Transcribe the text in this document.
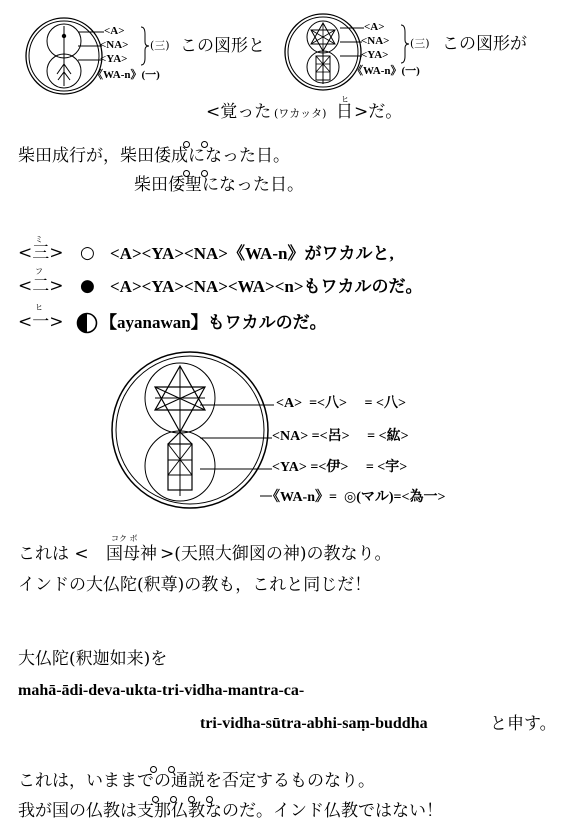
<A>
<NA>
<YA>
《WA-n》(一)
(三) この図形と
<A>
<NA>
<YA>
《WA-n》(一)
(三) この図形が
<覚った (ワカッタ)
ヒ
日 >だ。
柴田成行が，柴田倭成になった日。
柴田倭聖になった日。
ミ
<三> ○ <A><YA><NA>《WA-n》がワカルと,
フ
<二> ● <A><YA><NA><WA><n>もワカルのだ。
ヒ
<一> 【ayanawan】もワカルのだ。
<A>  =<八>     = <八>
<NA> =<呂>     = <紘>
<YA> =<伊>     = <宇>
《WA-n》=  ◎(マル)=<為一>
これは <
コク ボ
国母神 >(天照大御図の神)の教なり。
インドの大仏陀(釈尊)の教も，これと同じだ！
大仏陀(釈迦如来)を
mahā-ādi-deva-ukta-tri-vidha-mantra-ca-
tri-vidha-sūtra-abhi-saṃ-buddha	と申す。
これは，いままでの通説を否定するものなり。
我が国の仏教は支那仏教なのだ。インド仏教ではない！
